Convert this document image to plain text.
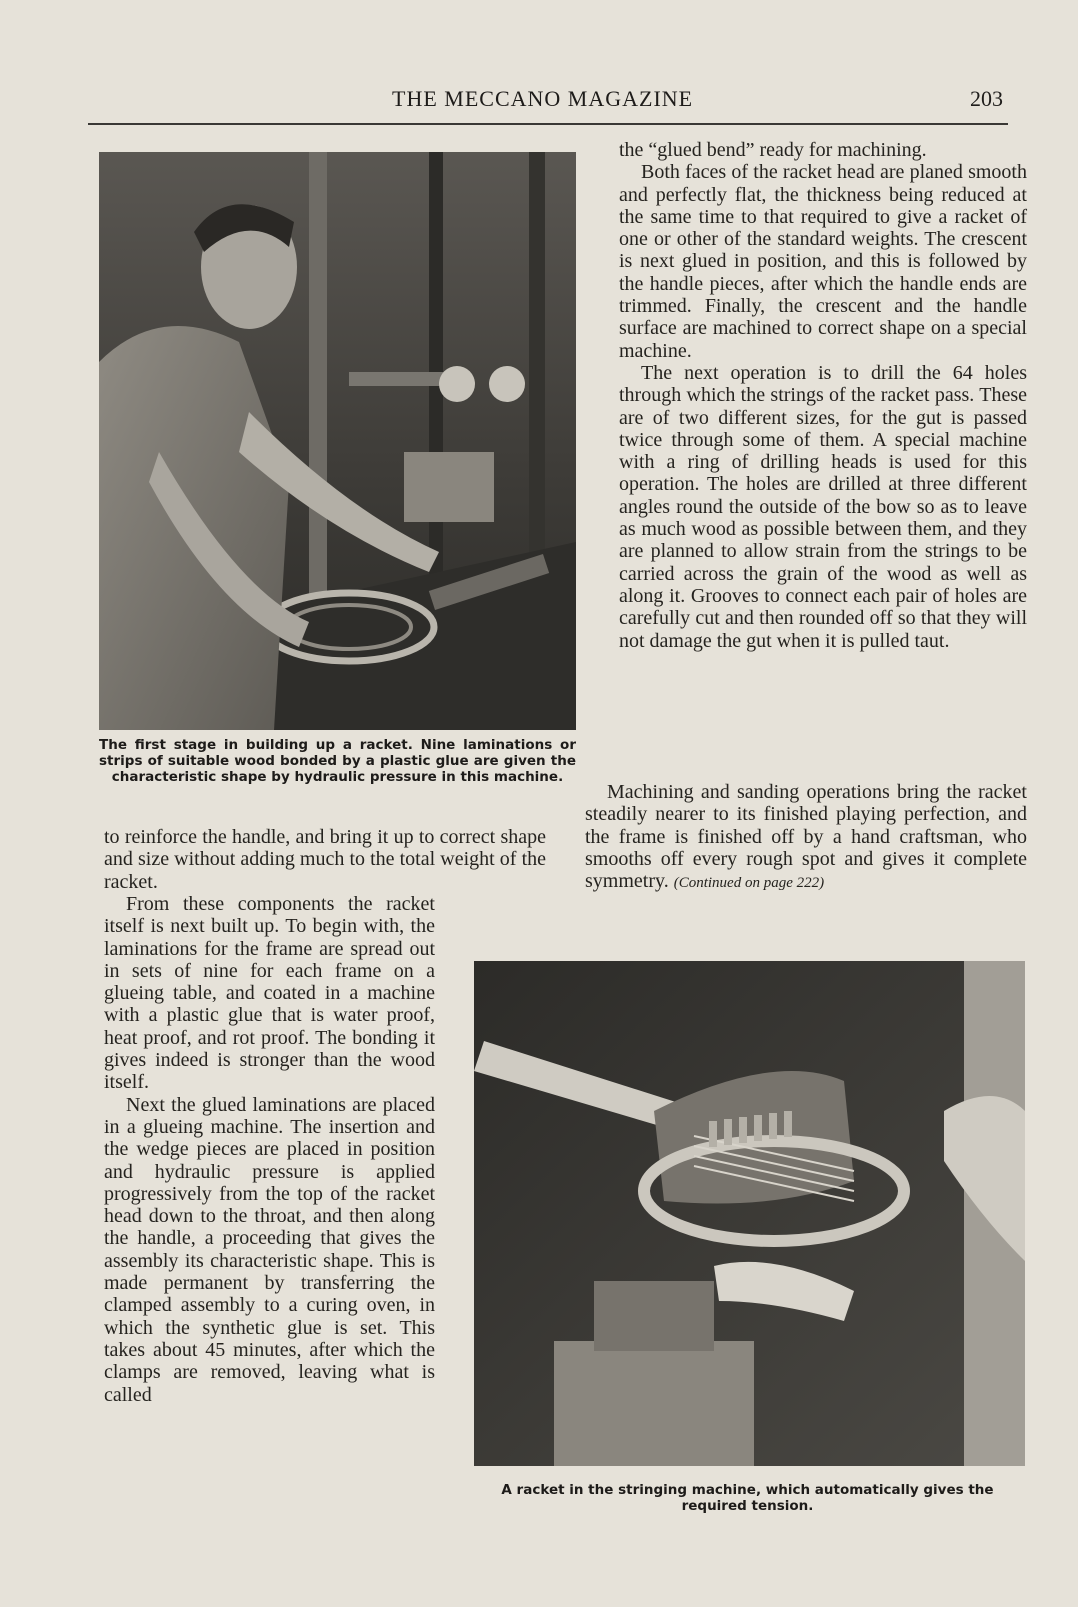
THE MECCANO MAGAZINE	203
The first stage in building up a racket. Nine laminations or strips of suitable wood bonded by a plastic glue are given the characteristic shape by hydraulic pressure in this machine.

to reinforce the handle, and bring it up to correct shape and size without adding much to the total weight of the racket.

From these components the racket itself is next built up. To begin with, the laminations for the frame are spread out in sets of nine for each frame on a glueing table, and coated in a machine with a plastic glue that is water proof, heat proof, and rot proof. The bonding it gives indeed is stronger than the wood itself.

Next the glued laminations are placed in a glueing machine. The insertion and the wedge pieces are placed in position and hydraulic pressure is applied progressively from the top of the racket head down to the throat, and then along the handle, a proceeding that gives the assembly its characteristic shape. This is made permanent by transferring the clamped assembly to a curing oven, in which the synthetic glue is set. This takes about 45 minutes, after which the clamps are removed, leaving what is called

the “glued bend” ready for machining.

Both faces of the racket head are planed smooth and perfectly flat, the thickness being reduced at the same time to that required to give a racket of one or other of the standard weights. The crescent is next glued in position, and this is followed by the handle pieces, after which the handle ends are trimmed. Finally, the crescent and the handle surface are machined to correct shape on a special machine.

The next operation is to drill the 64 holes through which the strings of the racket pass. These are of two different sizes, for the gut is passed twice through some of them. A special machine with a ring of drilling heads is used for this operation. The holes are drilled at three different angles round the outside of the bow so as to leave as much wood as possible between them, and they are planned to allow strain from the strings to be carried across the grain of the wood as well as along it. Grooves to connect each pair of holes are carefully cut and then rounded off so that they will not damage the gut when it is pulled taut.

Machining and sanding operations bring the racket steadily nearer to its finished playing perfection, and the frame is finished off by a hand craftsman, who smooths off every rough spot and gives it complete symmetry. (Continued on page 222)

A racket in the stringing machine, which automatically gives the required tension.
